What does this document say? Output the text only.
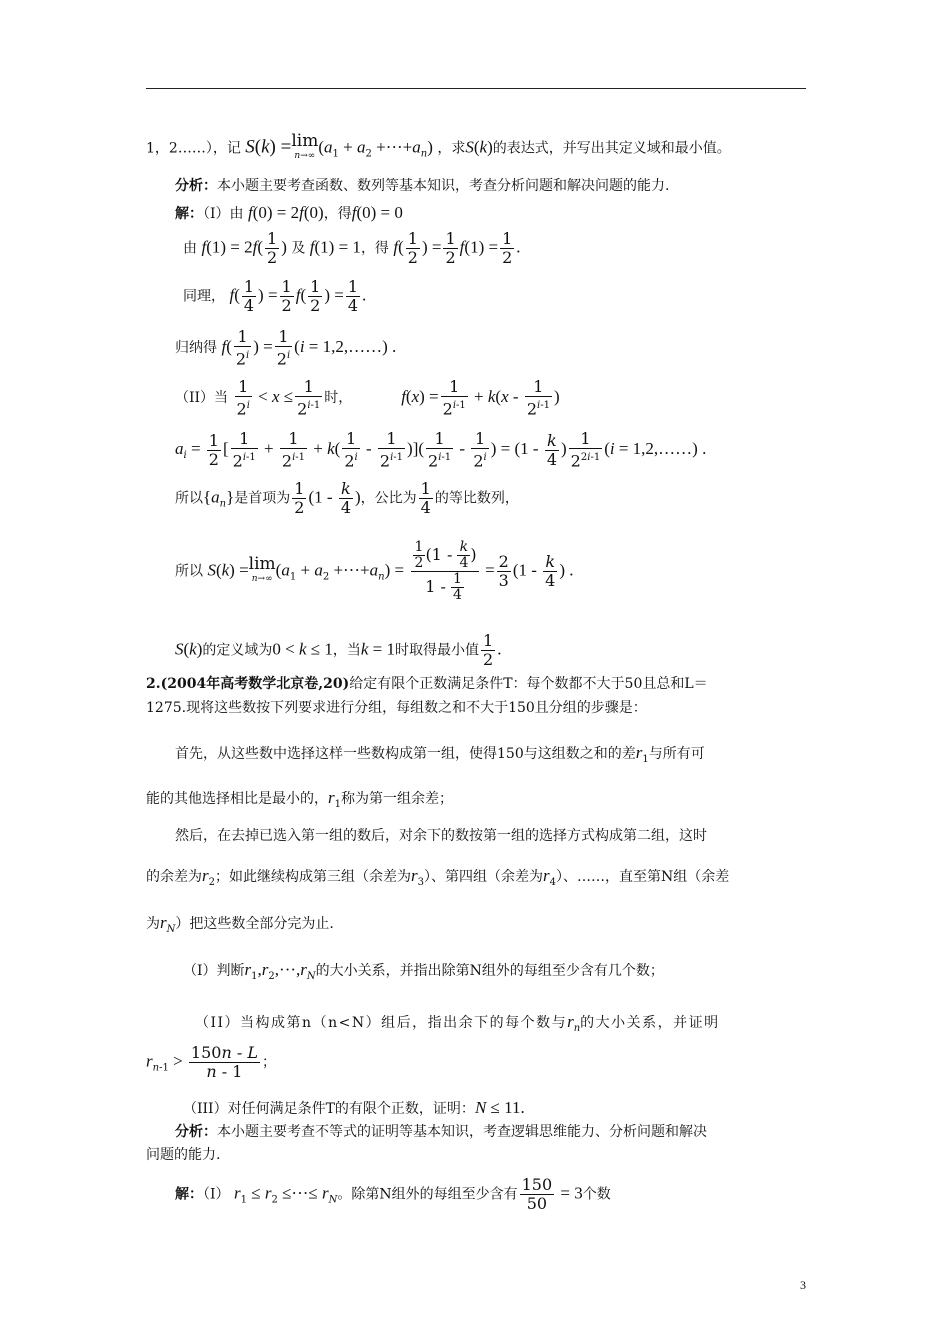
1，2……），记 S(k) =lim
n→∞ $(a_1 + a_2 +\cdot\cdot\cdot+a_n)$ ，求S(k)的表达式，并写出其定义域和最小值。
分析：本小题主要考查函数、数列等基本知识，考查分析问题和解决问题的能力.
解：（I）由 f(0) = 2f(0)，得f(0) = 0
由 $f(1) = 2f( \frac{1}{2}$ ) 及 f(1) = 1，得 $f( \frac{1}{2}$ ) = $\frac{1}{2} f(1) = \frac{1}{2}$ .
同理， $f( \frac{1}{4}$ ) = $\frac{1}{2} f( \frac{1}{2}$ ) = $\frac{1}{4}$ .
归纳得 $f( \frac{1}{2^i}$ ) = $\frac{1}{2^i} (i$ = 1,2,……) .
（II）当 $\frac{1}{2^i} < x \le \frac{1}{2^{i-1}}$ 时，	$f(x) = \frac{1}{2^{i-1}} + k(x - \frac{1}{2^{i-1}}$ )
$a_i = \frac{1}{2}$ [ $\frac{1}{2^{i-1}} + \frac{1}{2^{i-1}} + k( \frac{1}{2^i} - \frac{1}{2^{i-1}}$ )]( $\frac{1}{2^{i-1}} - \frac{1}{2^i}$ ) = ($1 - \frac{k}{4}$ ) $\frac{1}{2^{2i-1}} (i$ = 1,2,……) .
所以$\{a_n\}$是首项为 $\frac{1}{2} (1 - \frac{k}{4}$ )，公比为 $\frac{1}{4}$ 的等比数列，
所以 S(k) =lim
n→∞ $(a_1 + a_2 +\cdot\cdot\cdot+a_n) = \frac{\frac{1}{2} (1 - \frac{k}{4} )}{1 - \frac{1}{4}} = \frac{2}{3} (1 - \frac{k}{4}$ ) .
S(k)的定义域为0 < k ≤ 1，当k = 1时取得最小值 $\frac{1}{2}$ .
2.(2004年高考数学北京卷,20)给定有限个正数满足条件T：每个数都不大于50且总和L＝
1275.现将这些数按下列要求进行分组，每组数之和不大于150且分组的步骤是：
首先，从这些数中选择这样一些数构成第一组，使得150与这组数之和的差$r_1$与所有可
能的其他选择相比是最小的，$r_1$称为第一组余差；
然后，在去掉已选入第一组的数后，对余下的数按第一组的选择方式构成第二组，这时
的余差为$r_2$；如此继续构成第三组（余差为$r_3$）、第四组（余差为$r_4$）、……，直至第N组（余差
为$r_N$）把这些数全部分完为止.
（I）判断$r_1,r_2,\cdot\cdot\cdot,r_N$的大小关系，并指出除第N组外的每组至少含有几个数；
（II）当构成第n（n<N）组后，指出余下的每个数与$r_n$的大小关系，并证明
$r_{n-1} > \frac{150n - L}{n - 1}$ ；
（III）对任何满足条件T的有限个正数，证明：N ≤ 11.
分析：本小题主要考查不等式的证明等基本知识，考查逻辑思维能力、分析问题和解决
问题的能力.
解：（I） $r_1 \le r_2$ ≤···≤ $r_N$。除第N组外的每组至少含有 $\frac{150}{50} = 3$个数
3
